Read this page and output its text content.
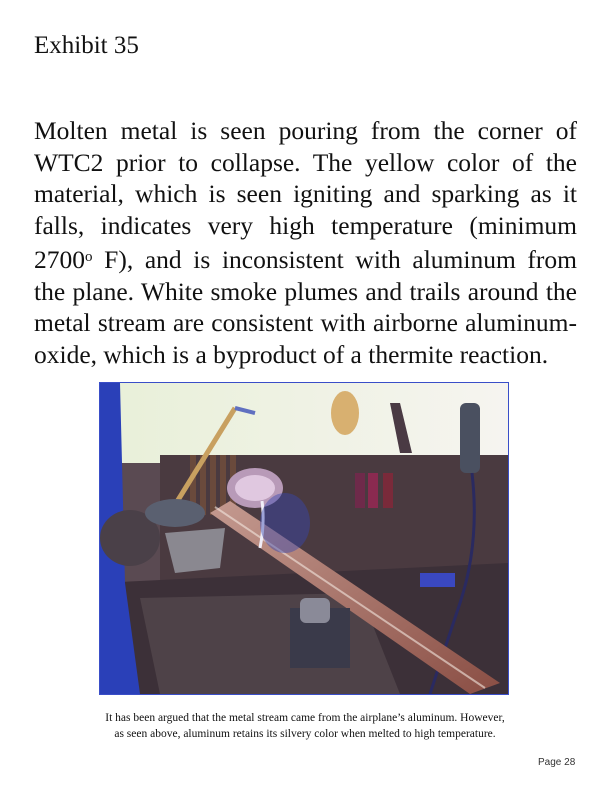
Exhibit 35
Molten metal is seen pouring from the corner of
WTC2 prior to collapse. The yellow color of the
material, which is seen igniting and sparking as it
falls, indicates very high temperature (minimum
2700$^o$ F), and is inconsistent with aluminum from
the plane. White smoke plumes and trails around the
metal stream are consistent with airborne aluminum-
oxide, which is a byproduct of a thermite reaction.
It has been argued that the metal stream came from the airplane’s aluminum. However,
as seen above, aluminum retains its silvery color when melted to high temperature.
Page 28
